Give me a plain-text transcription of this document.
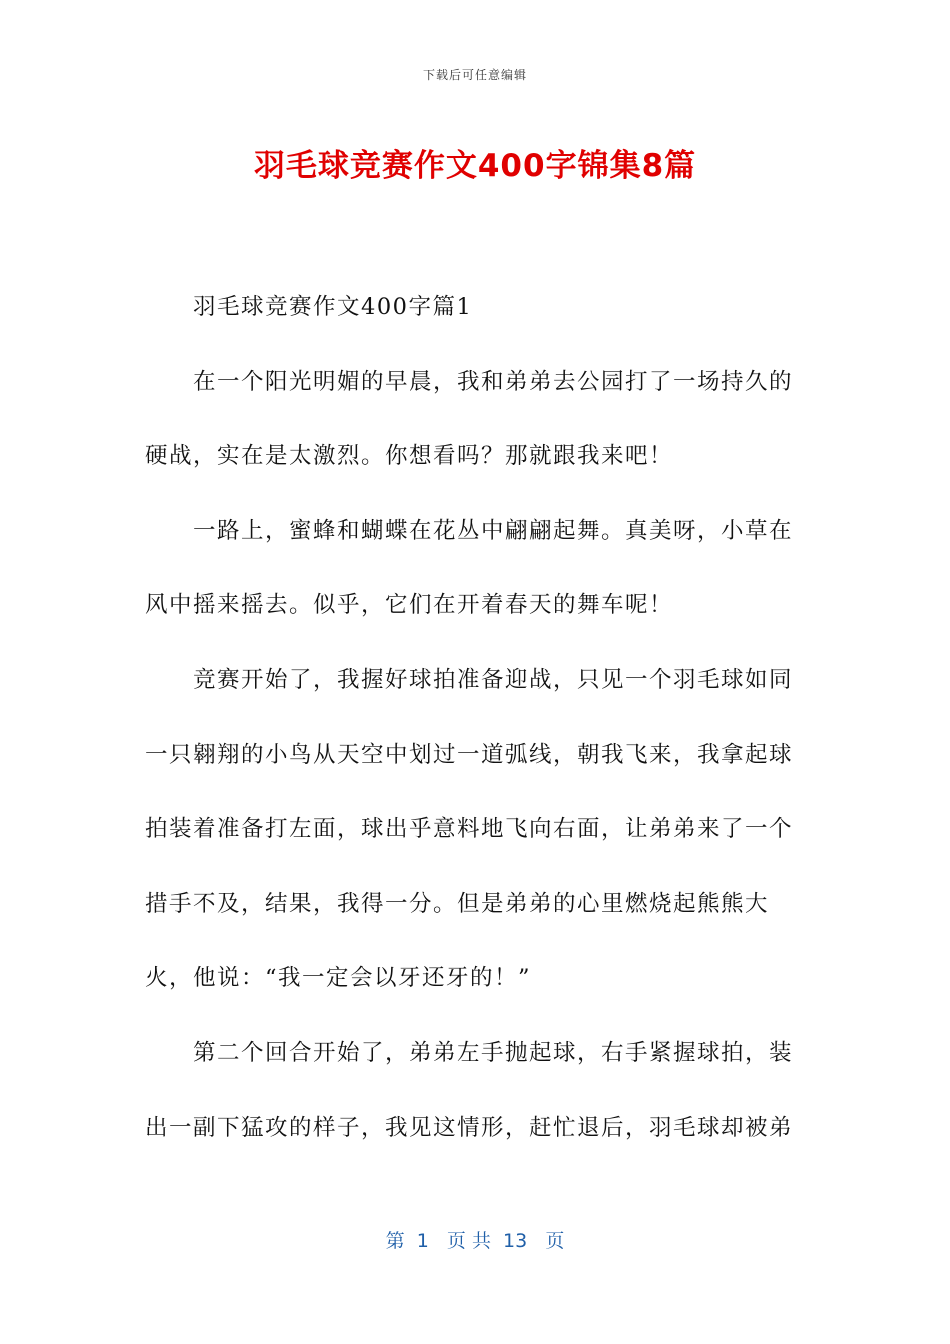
下载后可任意编辑
羽毛球竞赛作文400字锦集8篇

羽毛球竞赛作文400字篇1

在一个阳光明媚的早晨，我和弟弟去公园打了一场持久的硬战，实在是太激烈。你想看吗？那就跟我来吧！

一路上，蜜蜂和蝴蝶在花丛中翩翩起舞。真美呀，小草在风中摇来摇去。似乎，它们在开着春天的舞车呢！

竞赛开始了，我握好球拍准备迎战，只见一个羽毛球如同一只翱翔的小鸟从天空中划过一道弧线，朝我飞来，我拿起球拍装着准备打左面，球出乎意料地飞向右面，让弟弟来了一个措手不及，结果，我得一分。但是弟弟的心里燃烧起熊熊大火，他说：“我一定会以牙还牙的！”

第二个回合开始了，弟弟左手抛起球，右手紧握球拍，装出一副下猛攻的样子，我见这情形，赶忙退后，羽毛球却被弟

第  1   页 共  13   页
